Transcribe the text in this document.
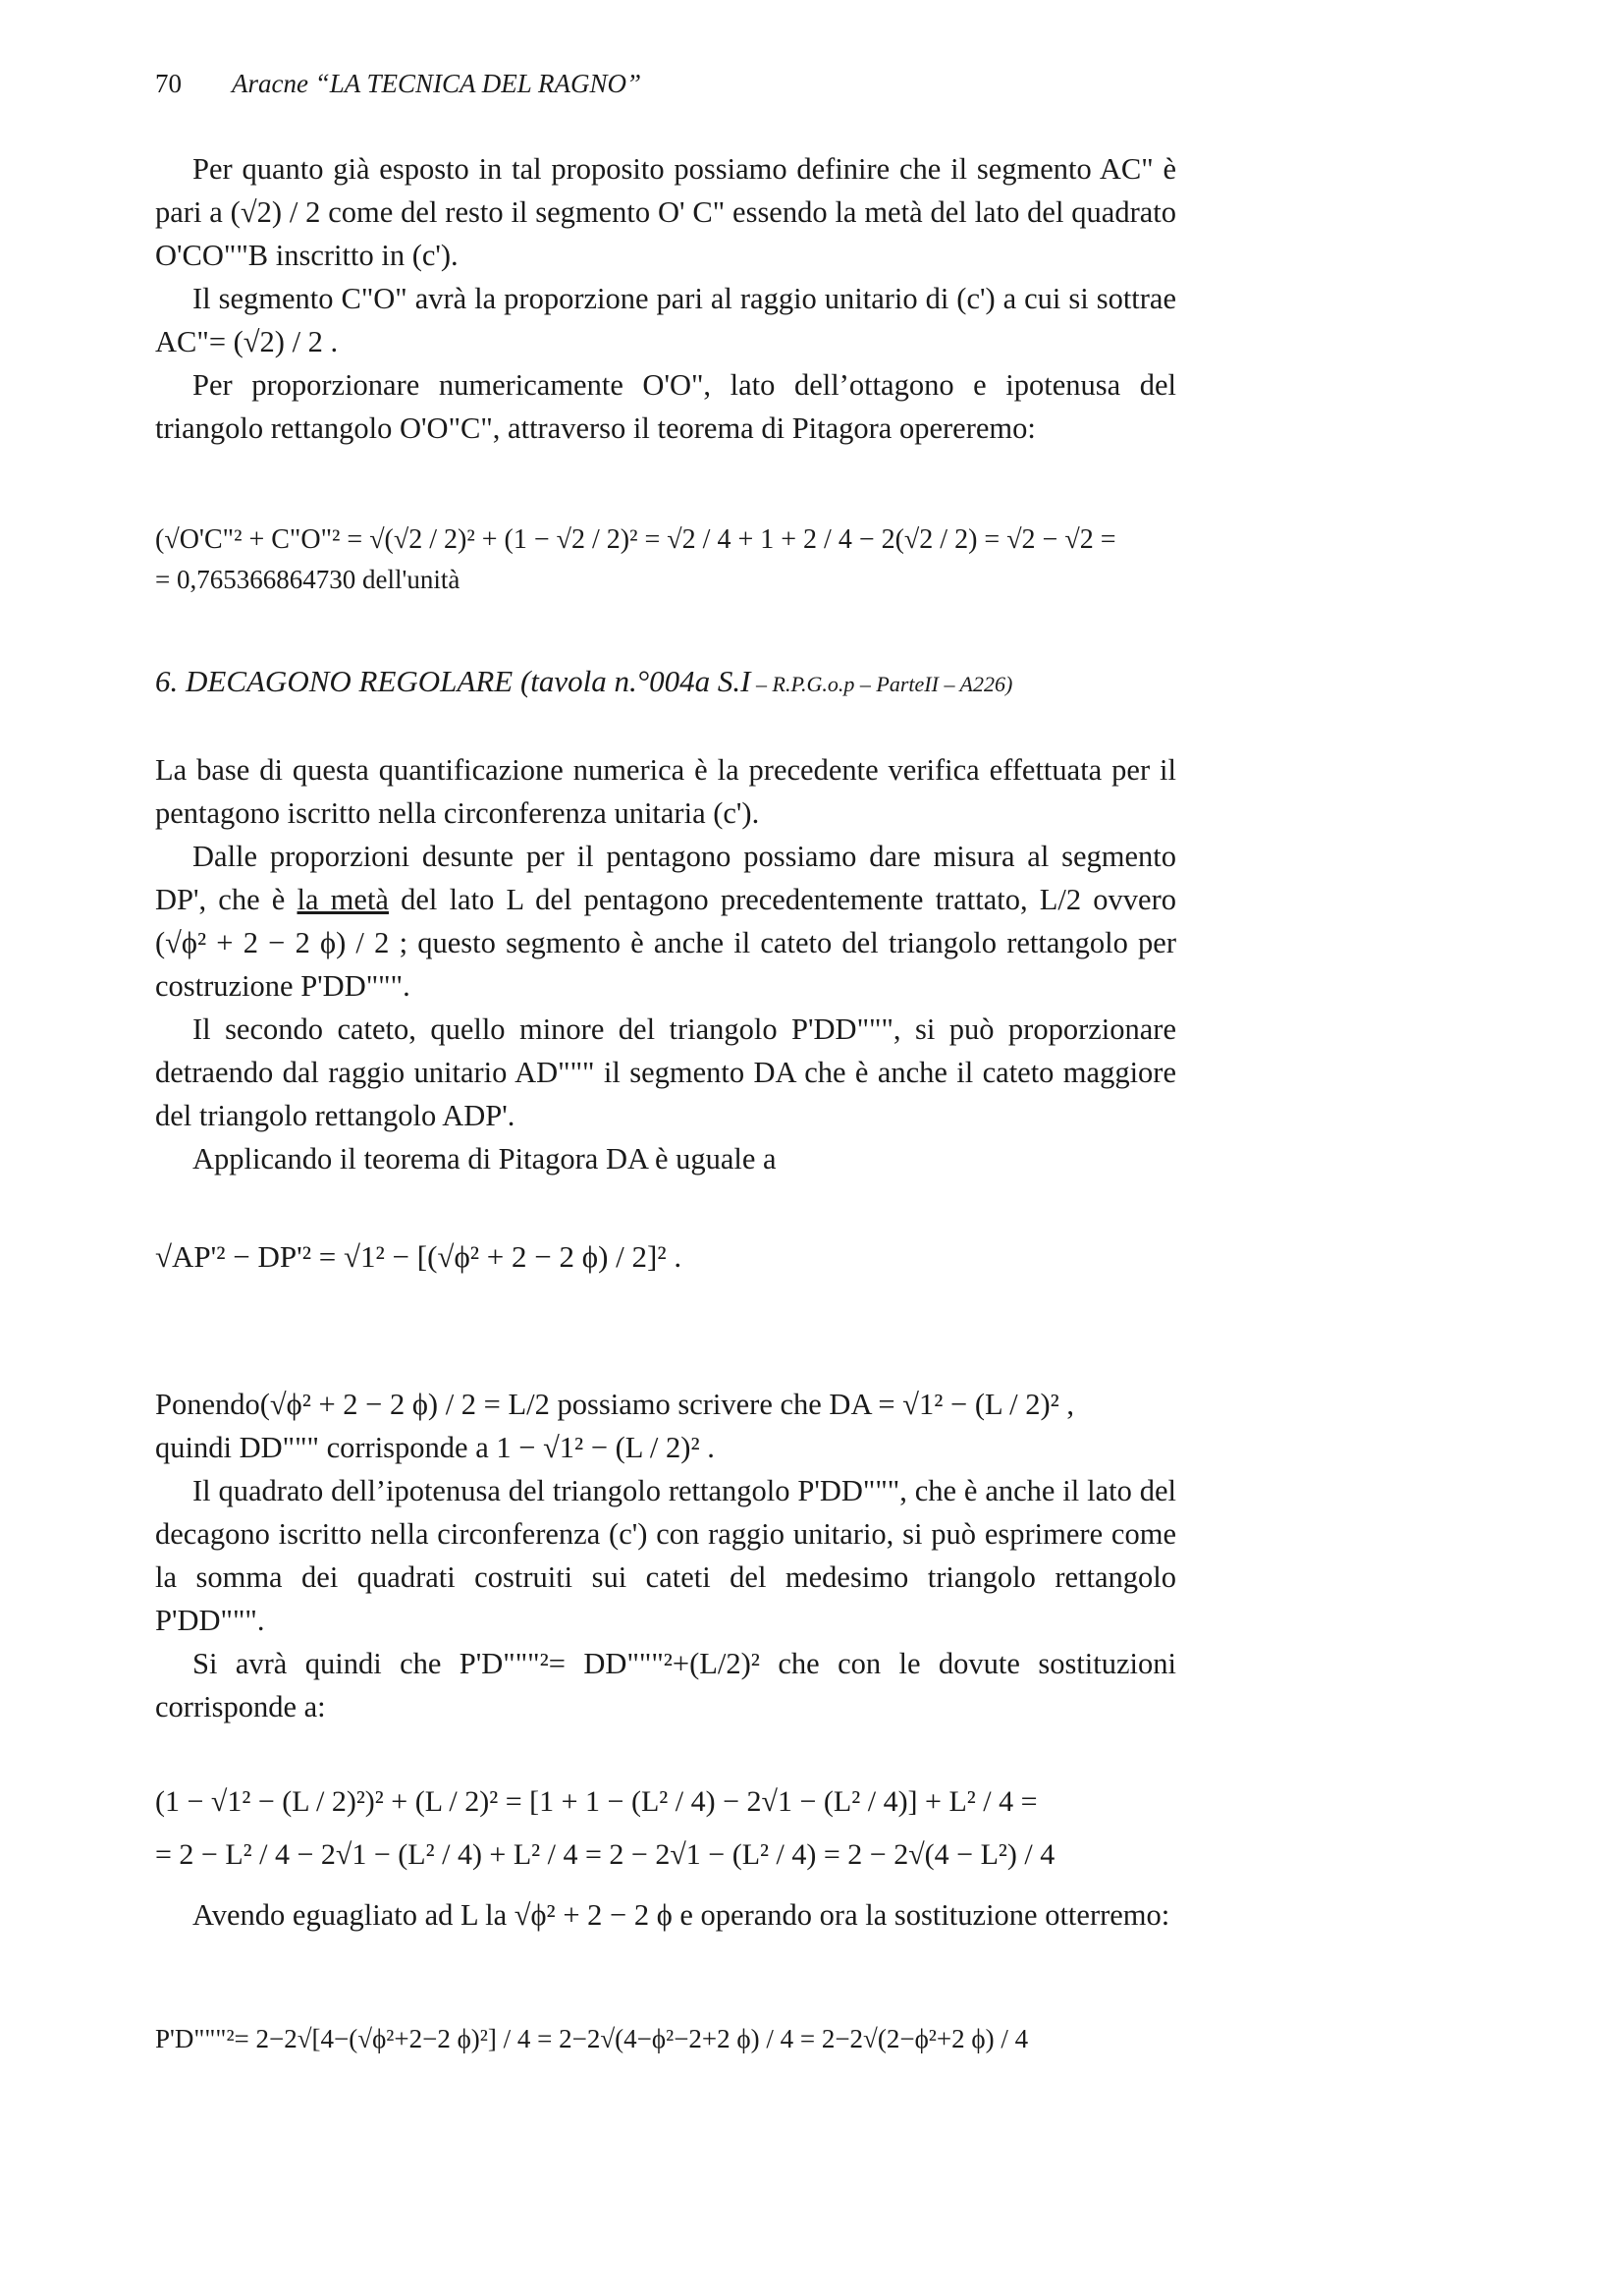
70 Aracne “LA TECNICA DEL RAGNO”

Per quanto già esposto in tal proposito possiamo definire che il segmento AC" è pari a (√2) / 2 come del resto il segmento O' C" essendo la metà del lato del quadrato O'CO""B inscritto in (c').

Il segmento C"O" avrà la proporzione pari al raggio unitario di (c') a cui si sottrae AC"= (√2) / 2 .

Per proporzionare numericamente O'O", lato dell’ottagono e ipotenusa del triangolo rettangolo O'O"C", attraverso il teorema di Pitagora opereremo:

(√O'C"² + C"O"² = √(√2 / 2)² + (1 − √2 / 2)² = √2 / 4 + 1 + 2 / 4 − 2(√2 / 2) = √2 − √2 =
= 0,765366864730 dell'unità
6. DECAGONO REGOLARE (tavola n.°004a S.I – R.P.G.o.p – ParteII – A226)

La base di questa quantificazione numerica è la precedente verifica effettuata per il pentagono iscritto nella circonferenza unitaria (c').

Dalle proporzioni desunte per il pentagono possiamo dare misura al segmento DP', che è la metà del lato L del pentagono precedentemente trattato, L/2 ovvero (√ϕ² + 2 − 2 ϕ) / 2 ; questo segmento è anche il cateto del triangolo rettangolo per costruzione P'DD""".

Il secondo cateto, quello minore del triangolo P'DD""", si può proporzionare detraendo dal raggio unitario AD""" il segmento DA che è anche il cateto maggiore del triangolo rettangolo ADP'.

Applicando il teorema di Pitagora DA è uguale a

√AP'² − DP'² = √1² − [(√ϕ² + 2 − 2 ϕ) / 2]² .

Ponendo(√ϕ² + 2 − 2 ϕ) / 2 = L/2 possiamo scrivere che DA = √1² − (L / 2)² ,

quindi DD""" corrisponde a 1 − √1² − (L / 2)² .

Il quadrato dell’ipotenusa del triangolo rettangolo P'DD""", che è anche il lato del decagono iscritto nella circonferenza (c') con raggio unitario, si può esprimere come la somma dei quadrati costruiti sui cateti del medesimo triangolo rettangolo P'DD""".

Si avrà quindi che P'D"""²= DD"""²+(L/2)² che con le dovute sostituzioni corrisponde a:

(1 − √1² − (L / 2)²)² + (L / 2)² = [1 + 1 − (L² / 4) − 2√1 − (L² / 4)] + L² / 4 =
= 2 − L² / 4 − 2√1 − (L² / 4) + L² / 4 = 2 − 2√1 − (L² / 4) = 2 − 2√(4 − L²) / 4

Avendo eguagliato ad L la √ϕ² + 2 − 2 ϕ e operando ora la sostituzione otterremo:

P'D"""²= 2−2√[4−(√ϕ²+2−2 ϕ)²] / 4 = 2−2√(4−ϕ²−2+2 ϕ) / 4 = 2−2√(2−ϕ²+2 ϕ) / 4
